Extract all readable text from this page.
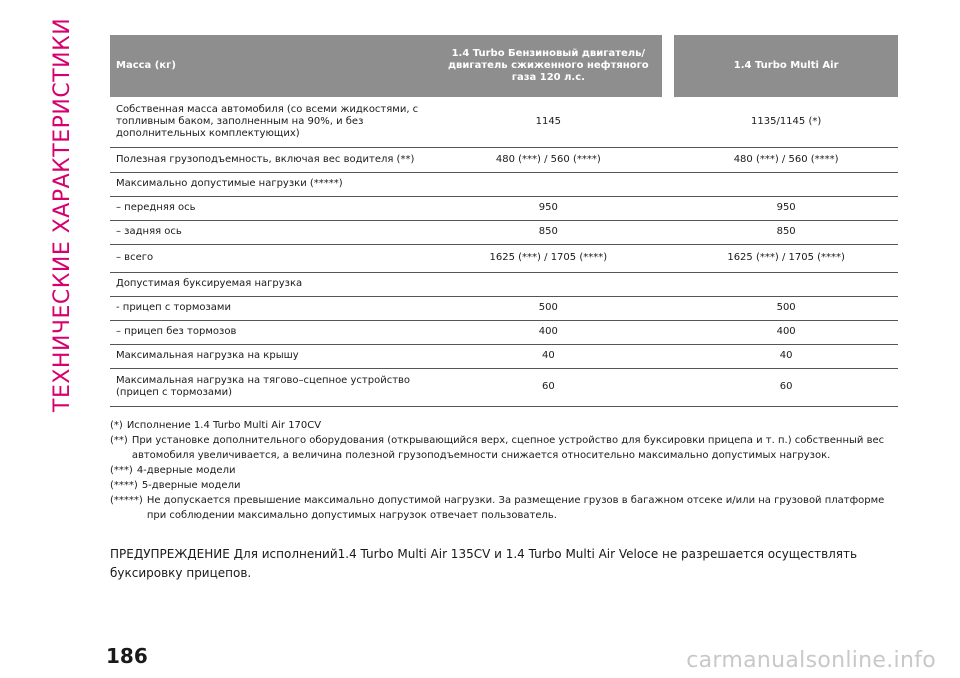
ТЕХНИЧЕСКИЕ ХАРАКТЕРИСТИКИ	Масса (кг)	1.4 Turbo Бензиновый двигатель/двигатель сжиженного нефтяного газа 120 л.с.		1.4 Turbo Multi Air
Собственная масса автомобиля (со всеми жидкостями, с топливным баком, заполненным на 90%, и без дополнительных комплектующих)	1145		1135/1145 (*)
Полезная грузоподъемность, включая вес водителя (**)	480 (***) / 560 (****)		480 (***) / 560 (****)
Максимально допустимые нагрузки (*****)			
– передняя ось	950		950
– задняя ось	850		850
– всего	1625 (***) / 1705 (****)		1625 (***) / 1705 (****)
Допустимая буксируемая нагрузка			
- прицеп с тормозами	500		500
– прицеп без тормозов	400		400
Максимальная нагрузка на крышу	40		40
Максимальная нагрузка на тягово–сцепное устройство (прицеп с тормозами)	60		60
(*) Исполнение 1.4 Turbo Multi Air 170CV
(**) При установке дополнительного оборудования (открывающийся верх, сцепное устройство для буксировки прицепа и т. п.) собственный вес автомобиля увеличивается, а величина полезной грузоподъемности снижается относительно максимально допустимых нагрузок.
(***) 4-дверные модели
(****) 5-дверные модели
(*****) Не допускается превышение максимально допустимой нагрузки. За размещение грузов в багажном отсеке и/или на грузовой платформе при соблюдении максимально допустимых нагрузок отвечает пользователь.
ПРЕДУПРЕЖДЕНИЕ Для исполнений1.4 Turbo Multi Air 135CV и 1.4 Turbo Multi Air Veloce не разрешается осуществлять буксировку прицепов.
186	carmanualsonline.info
